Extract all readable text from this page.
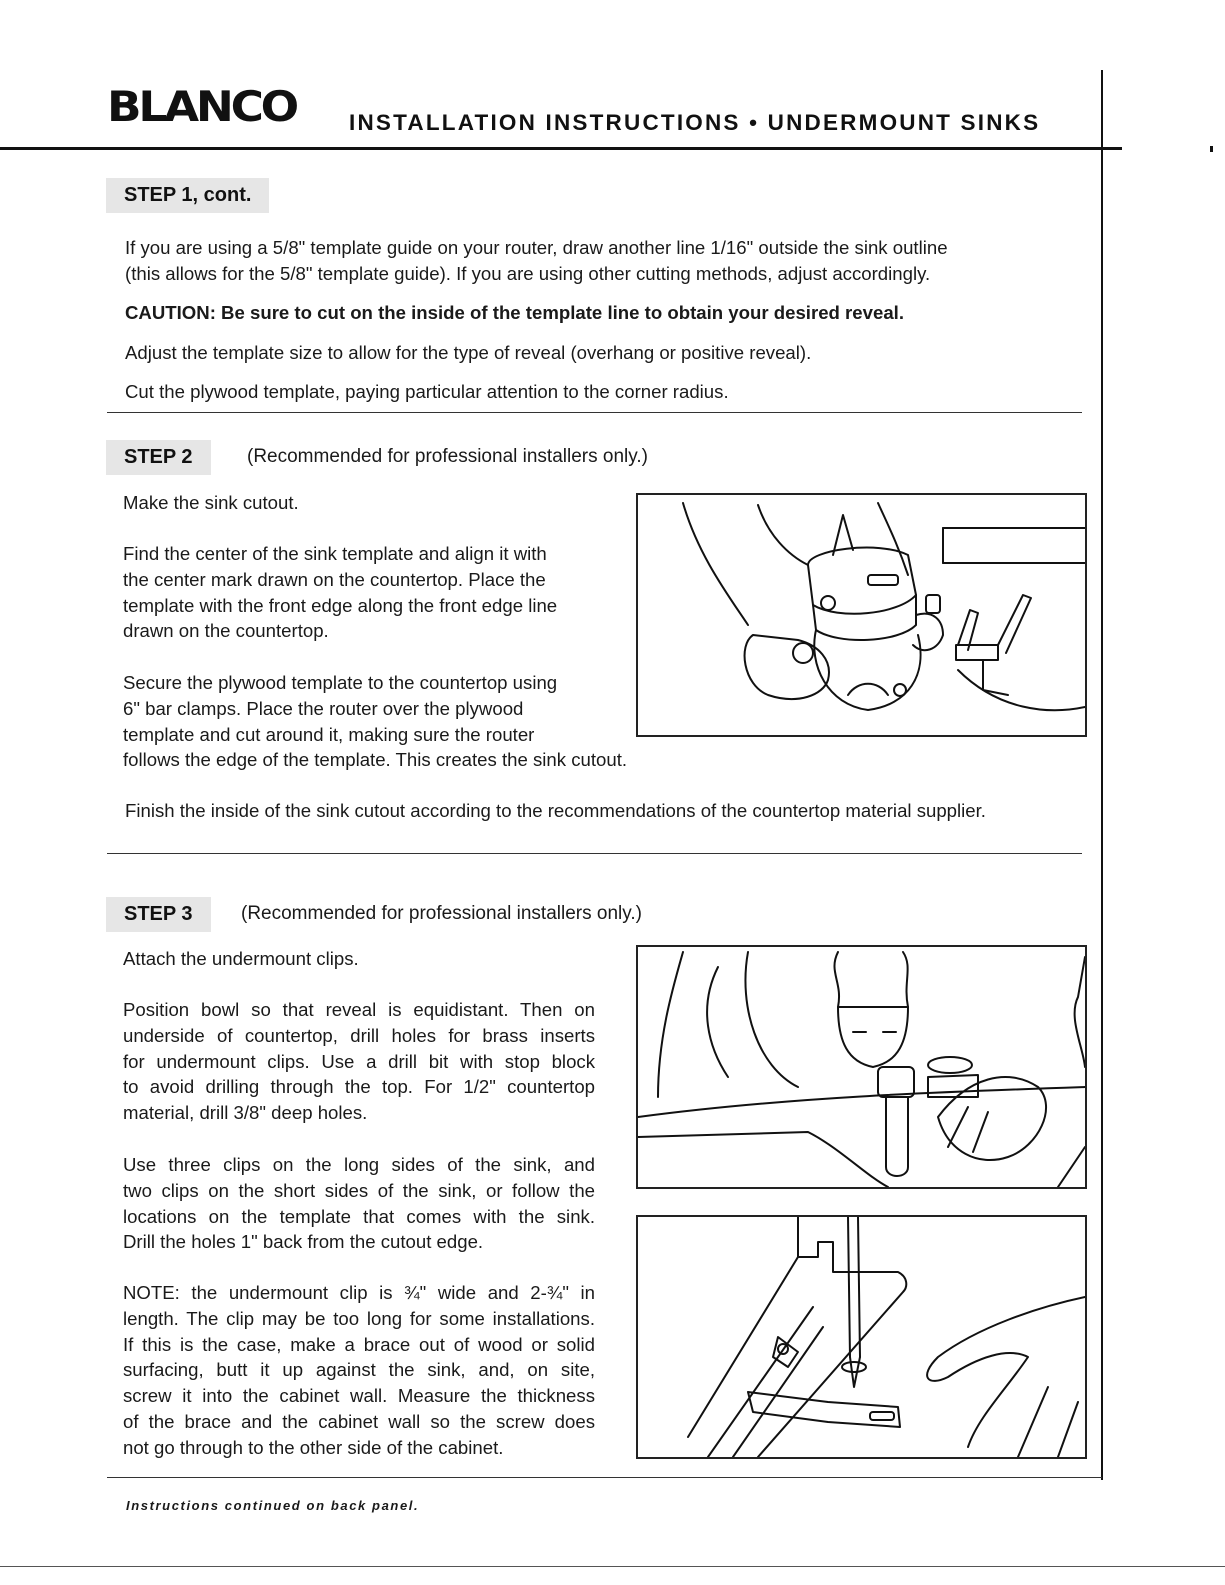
BLANCO INSTALLATION INSTRUCTIONS • UNDERMOUNT SINKS
STEP 1, cont.

If you are using a 5/8" template guide on your router, draw another line 1/16" outside the sink outline

(this allows for the 5/8" template guide). If you are using other cutting methods, adjust accordingly.

CAUTION: Be sure to cut on the inside of the template line to obtain your desired reveal.

Adjust the template size to allow for the type of reveal (overhang or positive reveal).

Cut the plywood template, paying particular attention to the corner radius.

STEP 2	(Recommended for professional installers only.)

Make the sink cutout.

Find the center of the sink template and align it with

the center mark drawn on the countertop. Place the

template with the front edge along the front edge line

drawn on the countertop.

Secure the plywood template to the countertop using

6" bar clamps. Place the router over the plywood

template and cut around it, making sure the router

follows the edge of the template. This creates the sink cutout.

Finish the inside of the sink cutout according to the recommendations of the countertop material supplier.

STEP 3	(Recommended for professional installers only.)

Attach the undermount clips.

Position bowl so that reveal is equidistant. Then on

underside of countertop, drill holes for brass inserts

for undermount clips. Use a drill bit with stop block

to avoid drilling through the top. For 1/2" countertop

material, drill 3/8" deep holes.

Use three clips on the long sides of the sink, and

two clips on the short sides of the sink, or follow the

locations on the template that comes with the sink.

Drill the holes 1" back from the cutout edge.

NOTE: the undermount clip is ¾" wide and 2-¾" in

length. The clip may be too long for some installations.

If this is the case, make a brace out of wood or solid

surfacing, butt it up against the sink, and, on site,

screw it into the cabinet wall. Measure the thickness

of the brace and the cabinet wall so the screw does

not go through to the other side of the cabinet.

Instructions continued on back panel.
